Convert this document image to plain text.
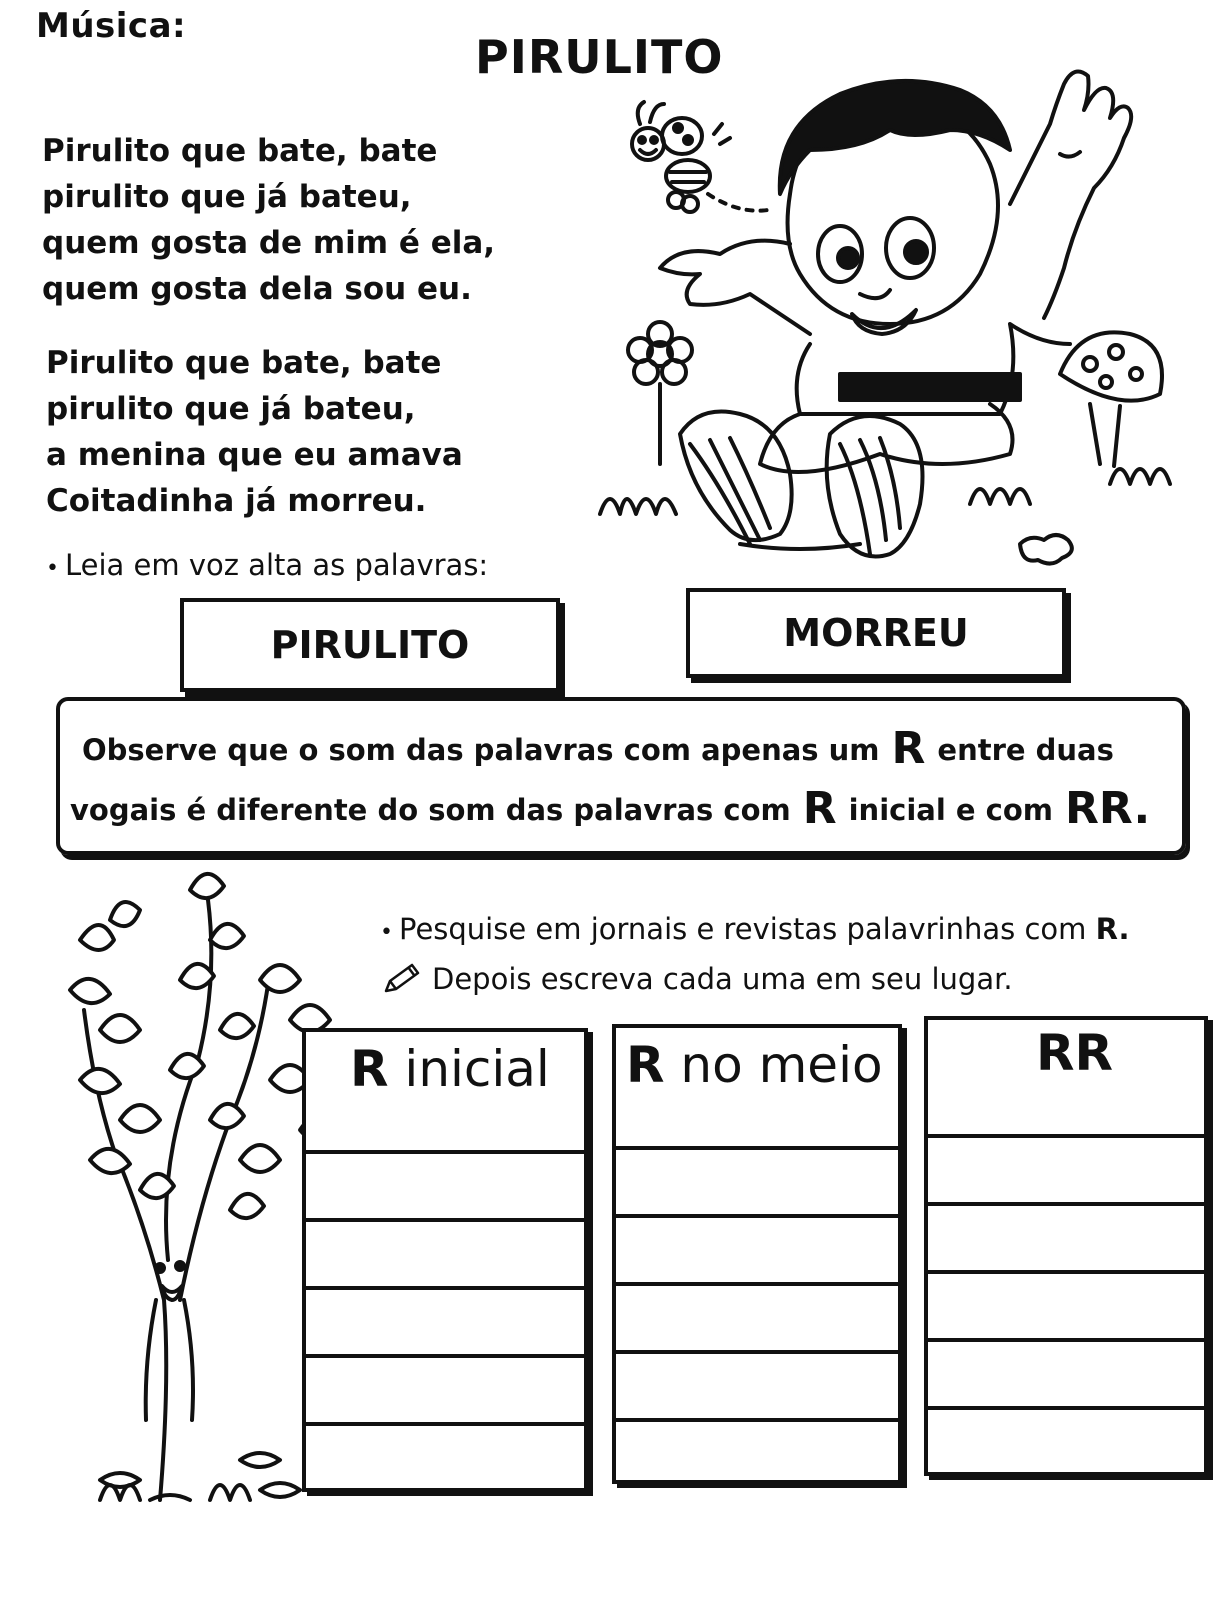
Música:
PIRULITO
Pirulito que bate, bate
pirulito que já bateu,
quem gosta de mim é ela,
quem gosta dela sou eu.
Pirulito que bate, bate
pirulito que já bateu,
a menina que eu amava
Coitadinha já morreu.
• Leia em voz alta as palavras:
PIRULITO	MORREU
Observe que o som das palavras com apenas um R entre duas
vogais é diferente do som das palavras com R inicial e com RR.
• Pesquise em jornais e revistas palavrinhas com R.
Depois escreva cada uma em seu lugar.
R inicial R no meio	RR
